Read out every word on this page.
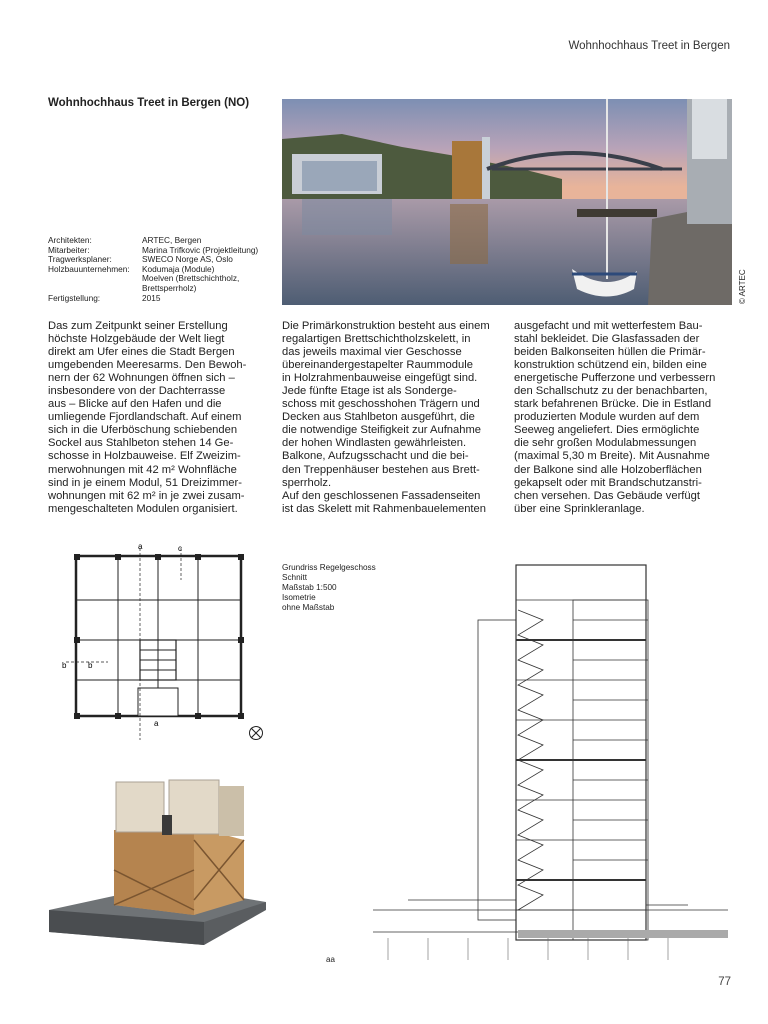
Wohnhochhaus Treet in Bergen
Wohnhochhaus Treet in Bergen (NO)
Architekten:	ARTEC, Bergen
Mitarbeiter:	Marina Trifkovic (Projektleitung)
Tragwerksplaner:	SWECO Norge AS, Oslo
Holzbauunternehmen:	Kodumaja (Module)
	Moelven (Brettschichtholz, Brettsperrholz)
Fertigstellung:	2015	© ARTEC
Das zum Zeitpunkt seiner Erstellung
höchste Holzgebäude der Welt liegt
direkt am Ufer eines die Stadt Bergen
umgebenden Meeresarms. Den Bewoh-
nern der 62 Wohnungen öffnen sich –
insbesondere von der Dachterrasse
aus – Blicke auf den Hafen und die
umliegende Fjordlandschaft. Auf einem
sich in die Uferböschung schiebenden
Sockel aus Stahlbeton stehen 14 Ge-
schosse in Holzbauweise. Elf Zweizim-
merwohnungen mit 42 m² Wohnfläche
sind in je einem Modul, 51 Dreizimmer-
wohnungen mit 62 m² in je zwei zusam-
mengeschalteten Modulen organisiert.
Die Primärkonstruktion besteht aus einem
regalartigen Brettschichtholzskelett, in
das jeweils maximal vier Geschosse
übereinandergestapelter Raummodule
in Holzrahmenbauweise eingefügt sind.
Jede fünfte Etage ist als Sonderge-
schoss mit geschosshohen Trägern und
Decken aus Stahlbeton ausgeführt, die
die notwendige Steifigkeit zur Aufnahme
der hohen Windlasten gewährleisten.
Balkone, Aufzugsschacht und die bei-
den Treppenhäuser bestehen aus Brett-
sperrholz.
Auf den geschlossenen Fassadenseiten
ist das Skelett mit Rahmenbauelementen
ausgefacht und mit wetterfestem Bau-
stahl bekleidet. Die Glasfassaden der
beiden Balkonseiten hüllen die Primär-
konstruktion schützend ein, bilden eine
energetische Pufferzone und verbessern
den Schallschutz zu der benachbarten,
stark befahrenen Brücke. Die in Estland
produzierten Module wurden auf dem
Seeweg angeliefert. Dies ermöglichte
die sehr großen Modulabmessungen
(maximal 5,30 m Breite). Mit Ausnahme
der Balkone sind alle Holzoberflächen
gekapselt oder mit Brandschutzanstri-
chen versehen. Das Gebäude verfügt
über eine Sprinkleranlage.
Grundriss Regelgeschoss
Schnitt
Maßstab 1:500
Isometrie
ohne Maßstab
a	c
b	b
a
aa
77
